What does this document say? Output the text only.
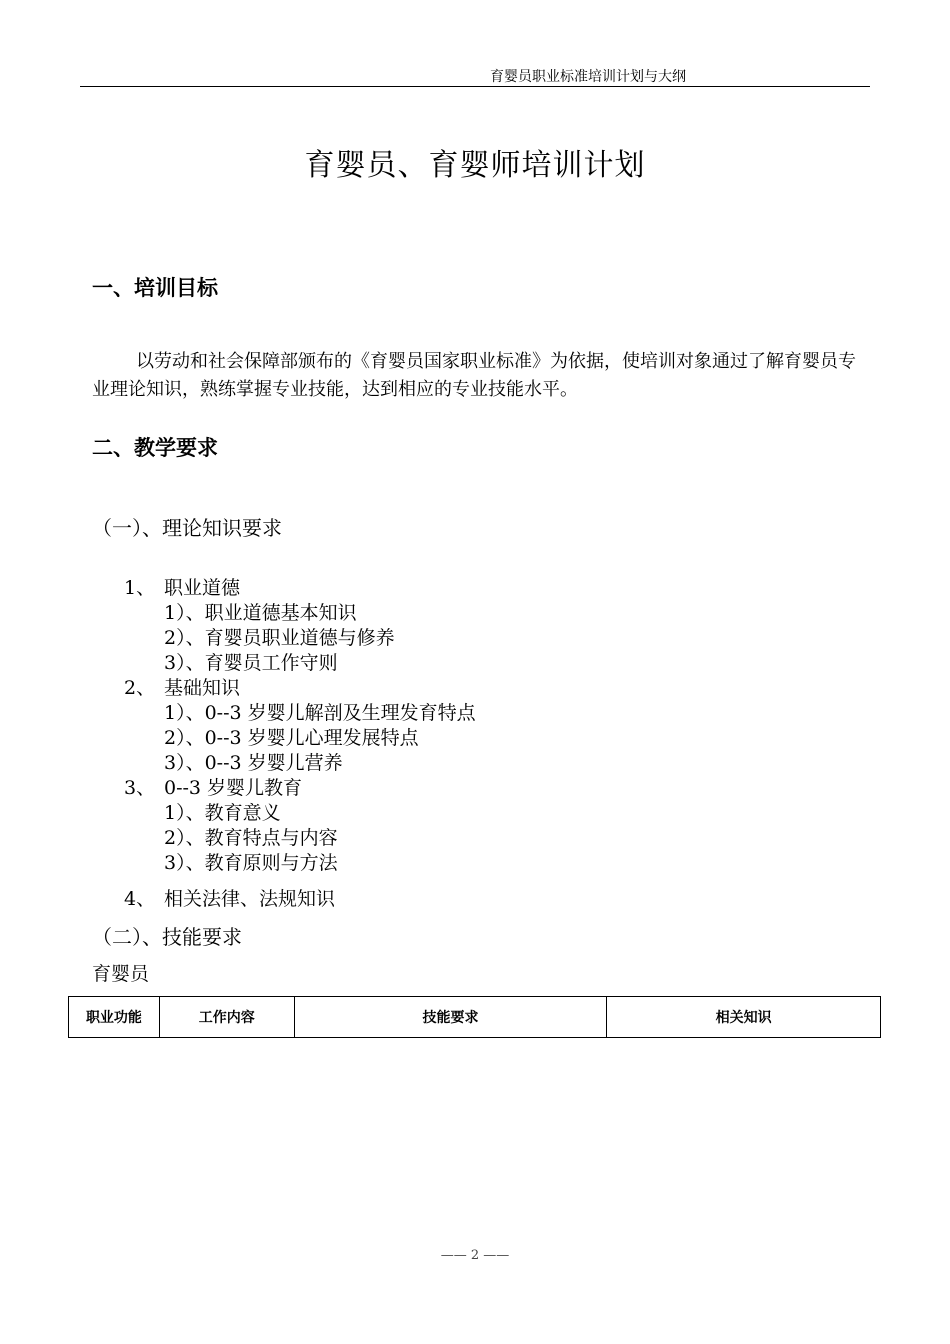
育婴员职业标准培训计划与大纲
育婴员、育婴师培训计划
一、培训目标
以劳动和社会保障部颁布的《育婴员国家职业标准》为依据，使培训对象通过了解育婴员专业理论知识，熟练掌握专业技能，达到相应的专业技能水平。
二、教学要求
（一）、理论知识要求
1、 职业道德
1）、职业道德基本知识
2）、育婴员职业道德与修养
3）、育婴员工作守则
2、 基础知识
1）、0--3 岁婴儿解剖及生理发育特点
2）、0--3 岁婴儿心理发展特点
3）、0--3 岁婴儿营养
3、 0--3 岁婴儿教育
1）、教育意义
2）、教育特点与内容
3）、教育原则与方法
4、 相关法律、法规知识
（二）、技能要求
育婴员
职业功能	工作内容	技能要求	相关知识
—— 2 ——
